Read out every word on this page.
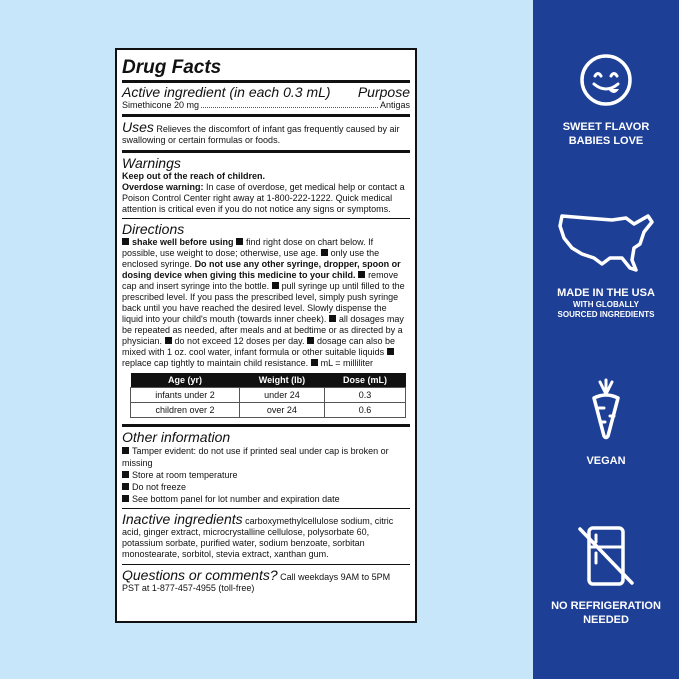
Drug Facts
Active ingredient (in each 0.3 mL) Purpose
Simethicone 20 mg	Antigas
Uses Relieves the discomfort of infant gas frequently caused by air swallowing or certain formulas or foods.
Warnings
Keep out of the reach of children.
Overdose warning: In case of overdose, get medical help or contact a Poison Control Center right away at 1-800-222-1222. Quick medical attention is critical even if you do not notice any signs or symptoms.
Directions
shake well before using find right dose on chart below. If possible, use weight to dose; otherwise, use age. only use the enclosed syringe. Do not use any other syringe, dropper, spoon or dosing device when giving this medicine to your child. remove cap and insert syringe into the bottle. pull syringe up until filled to the prescribed level. If you pass the prescribed level, simply push syringe back until you have reached the desired level. Slowly dispense the liquid into your child's mouth (towards inner cheek). all dosages may be repeated as needed, after meals and at bedtime or as directed by a physician. do not exceed 12 doses per day. dosage can also be mixed with 1 oz. cool water, infant formula or other suitable liquids replace cap tightly to maintain child resistance. mL = milliliter
Age (yr)	Weight (lb)	Dose (mL)
infants under 2	under 24	0.3
children over 2	over 24	0.6
Other information
Tamper evident: do not use if printed seal under cap is broken or missing
Store at room temperature
Do not freeze
See bottom panel for lot number and expiration date
Inactive ingredients carboxymethylcellulose sodium, citric acid, ginger extract, microcrystalline cellulose, polysorbate 60, potassium sorbate, purified water, sodium benzoate, sorbitan monostearate, sorbitol, stevia extract, xanthan gum.
Questions or comments? Call weekdays 9AM to 5PM PST at 1-877-457-4955 (toll-free)
SWEET FLAVOR
BABIES LOVE
MADE IN THE USA
WITH GLOBALLY
SOURCED INGREDIENTS
VEGAN
NO REFRIGERATION
NEEDED
